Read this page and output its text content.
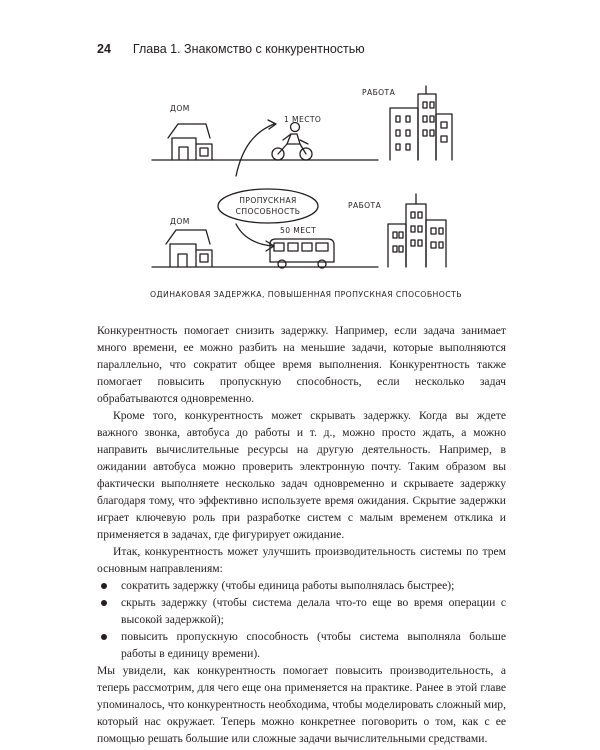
24 Глава 1. Знакомство с конкурентностью
ДОМ
РАБОТА
1 МЕСТО
ПРОПУСКНАЯ
СПОСОБНОСТЬ
ДОМ
РАБОТА
50 МЕСТ
ОДИНАКОВАЯ ЗАДЕРЖКА, ПОВЫШЕННАЯ ПРОПУСКНАЯ СПОСОБНОСТЬ

Конкурентность помогает снизить задержку. Например, если задача занимает много времени, ее можно разбить на меньшие задачи, которые выполняются параллельно, что сократит общее время выполнения. Конкурентность также помогает повысить пропускную способность, если несколько задач обрабатываются одновременно.

Кроме того, конкурентность может скрывать задержку. Когда вы ждете важного звонка, автобуса до работы и т. д., можно просто ждать, а можно направить вычислительные ресурсы на другую деятельность. Например, в ожидании автобуса можно проверить электронную почту. Таким образом вы фактически выполняете несколько задач одновременно и скрываете задержку благодаря тому, что эффективно используете время ожидания. Скрытие задержки играет ключевую роль при разработке систем с малым временем отклика и применяется в задачах, где фигурирует ожидание.

Итак, конкурентность может улучшить производительность системы по трем основным направлениям:

сократить задержку (чтобы единица работы выполнялась быстрее);
скрыть задержку (чтобы система делала что-то еще во время операции с высокой задержкой);
повысить пропускную способность (чтобы система выполняла больше работы в единицу времени).

Мы увидели, как конкурентность помогает повысить производительность, а теперь рассмотрим, для чего еще она применяется на практике. Ранее в этой главе упоминалось, что конкурентность необходима, чтобы моделировать сложный мир, который нас окружает. Теперь можно конкретнее поговорить о том, как с ее помощью решать большие или сложные задачи вычислительными средствами.
